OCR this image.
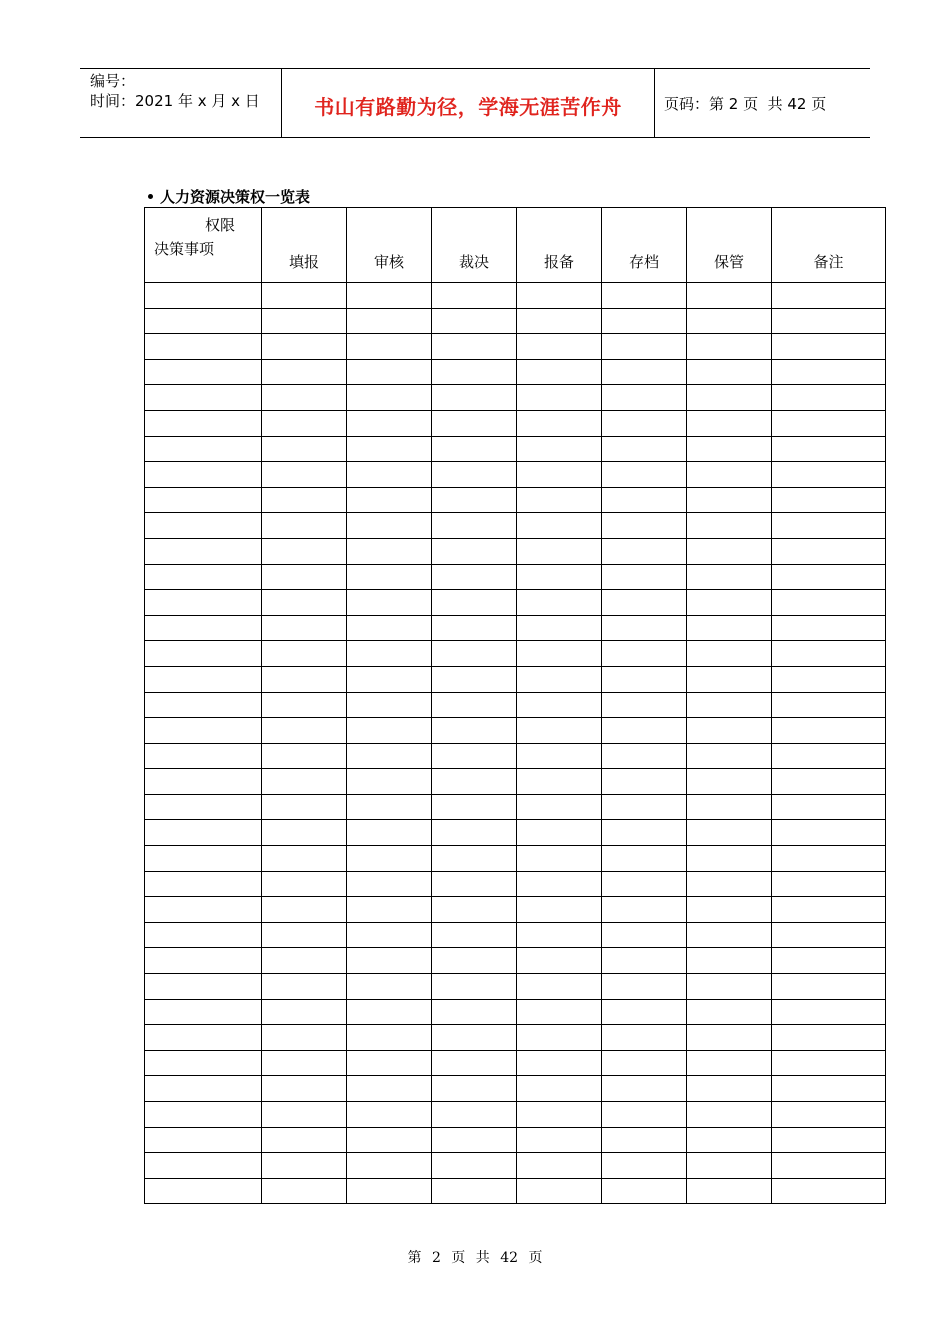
编号：
时间：2021 年 x 月 x 日	书山有路勤为径，学海无涯苦作舟	页码：第 2 页  共 42 页
人力资源决策权一览表
权限
决策事项	填报	审核	裁决	报备	存档	保管	备注

第 2 页 共 42 页
